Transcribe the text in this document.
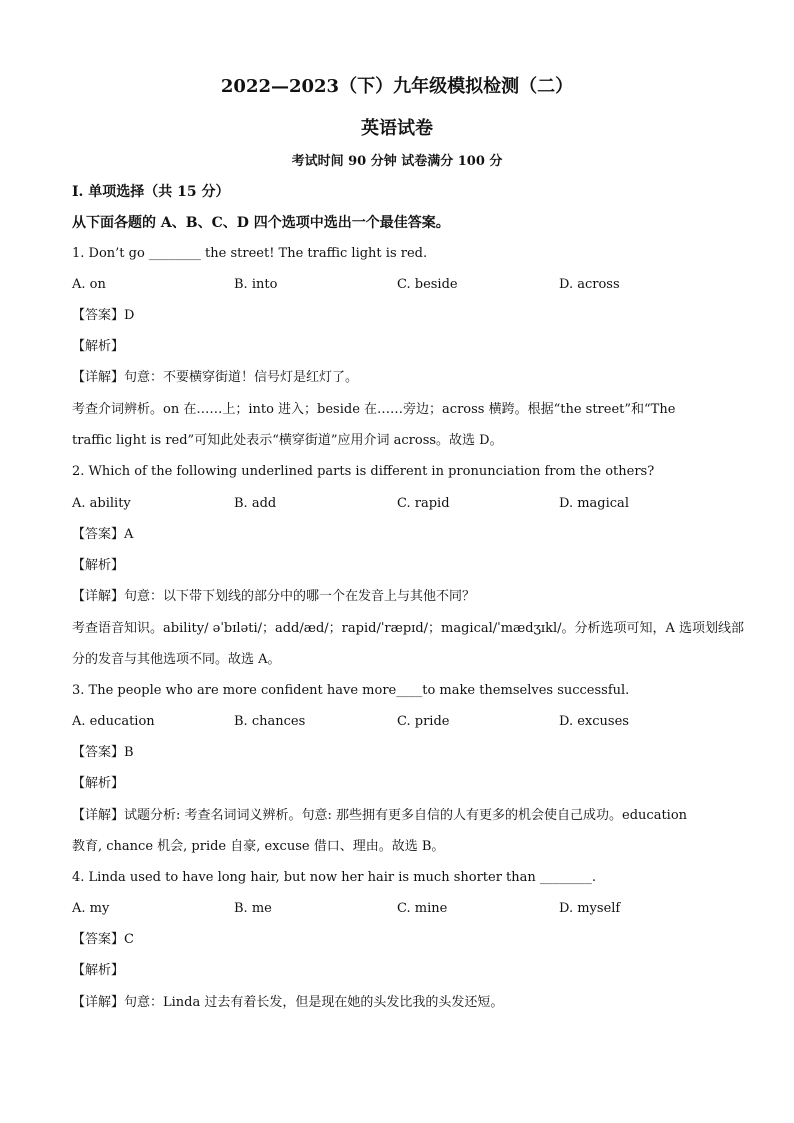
2022—2023（下）九年级模拟检测（二）
英语试卷
考试时间 90 分钟 试卷满分 100 分
Ⅰ. 单项选择（共 15 分）
从下面各题的 A、B、C、D 四个选项中选出一个最佳答案。
1. Don’t go ________ the street! The traffic light is red.
A. on	B. into	C. beside	D. across
【答案】D
【解析】
【详解】句意：不要横穿街道！信号灯是红灯了。
考查介词辨析。on 在……上；into 进入；beside 在……旁边；across 横跨。根据“the street”和“The
traffic light is red”可知此处表示“横穿街道”应用介词 across。故选 D。
2. Which of the following underlined parts is different in pronunciation from the others?
A. ability	B. add	C. rapid	D. magical
【答案】A
【解析】
【详解】句意：以下带下划线的部分中的哪一个在发音上与其他不同？
考查语音知识。ability/ əˈbɪləti/；add/æd/；rapid/ˈræpɪd/；magical/ˈmædʒɪkl/。分析选项可知，A 选项划线部
分的发音与其他选项不同。故选 A。
3. The people who are more confident have more____to make themselves successful.
A. education	B. chances	C. pride	D. excuses
【答案】B
【解析】
【详解】试题分析: 考查名词词义辨析。句意: 那些拥有更多自信的人有更多的机会使自己成功。education
教育, chance 机会, pride 自豪, excuse 借口、理由。故选 B。
4. Linda used to have long hair, but now her hair is much shorter than ________.
A. my	B. me	C. mine	D. myself
【答案】C
【解析】
【详解】句意：Linda 过去有着长发，但是现在她的头发比我的头发还短。
